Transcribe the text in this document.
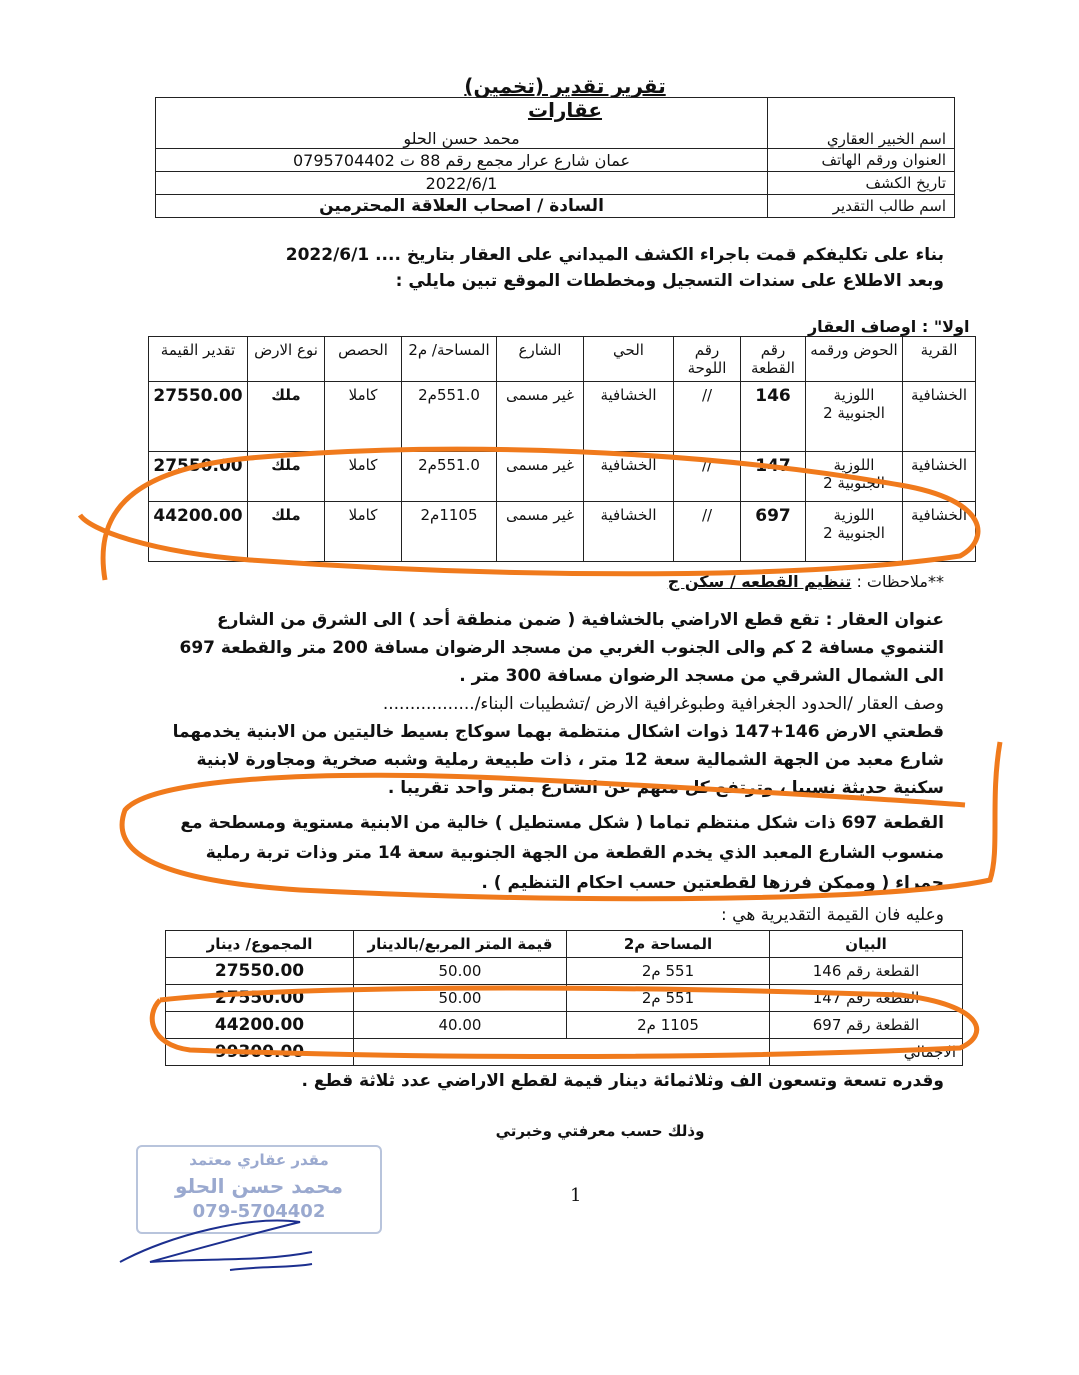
تقرير تقدير (تخمين) عقارات
اسم الخبير العقاري	محمد حسن الحلو
العنوان ورقم الهاتف	عمان شارع عرار مجمع رقم 88 ت 0795704402
تاريخ الكشف	2022/6/1
اسم طالب التقدير	السادة / اصحاب العلاقة المحترمين
بناء على تكليفكم قمت باجراء الكشف الميداني على العقار بتاريخ .... 2022/6/1
وبعد الاطلاع على سندات التسجيل ومخططات الموقع تبين مايلي :
اولا" : اوصاف العقار									
القرية	الحوض ورقمه	رقم القطعة	رقم اللوحة	الحي	الشارع	المساحة/ م2	الحصص	نوع الارض	تقدير القيمة
الخشافية	اللوزية الجنوبية 2	146	//	الخشافية	غير مسمى	551.0م2	كاملا	ملك	27550.00
الخشافية	اللوزية الجنوبية 2	147	//	الخشافية	غير مسمى	551.0م2	كاملا	ملك	27550.00
الخشافية	اللوزية الجنوبية 2	697	//	الخشافية	غير مسمى	1105م2	كاملا	ملك	44200.00
**ملاحظات : تنظيم القطعه / سكن ج
عنوان العقار : تقع قطع الاراضي بالخشافية ( ضمن منطقة أحد ) الى الشرق من الشارع
التنموي مسافة 2 كم والى الجنوب الغربي من مسجد الرضوان مسافة 200 متر والقطعة 697
الى الشمال الشرقي من مسجد الرضوان مسافة 300 متر .
وصف العقار /الحدود الجغرافية وطبوغرافية الارض /تشطيبات البناء/.................
قطعتي الارض 146+147 ذوات اشكال منتظمة بهما سوكاج بسيط خاليتين من الابنية يخدمهما
شارع معبد من الجهة الشمالية سعة 12 متر ، ذات طبيعة رملية وشبه صخرية ومجاورة لابنية
سكنية حديثة نسبيا ، وترتفع كل منهم عن الشارع بمتر واحد تقريبا .
القطعة 697 ذات شكل منتظم تماما ( شكل مستطيل ) خالية من الابنية مستوية ومسطحة مع
منسوب الشارع المعبد الذي يخدم القطعة من الجهة الجنوبية سعة 14 متر وذات تربة رملية
حمراء ( وممكن فرزها لقطعتين حسب احكام التنظيم ) .
وعليه فان القيمة التقديرية هي :
البيان	المساحة م2	قيمة المتر المربع/بالدينار	المجموع/ دينار
القطعة رقم 146	551 م2	50.00	27550.00
القطعة رقم 147	551 م2	50.00	27550.00
القطعة رقم 697	1105 م2	40.00	44200.00
الاجمالي			99300.00
وقدره تسعة وتسعون الف وثلاثمائة دينار قيمة لقطع الاراضي عدد ثلاثة قطع .
وذلك حسب معرفتي وخبرتي
1
مقدر عقاري معتمد
محمد حسن الحلو
079-5704402
